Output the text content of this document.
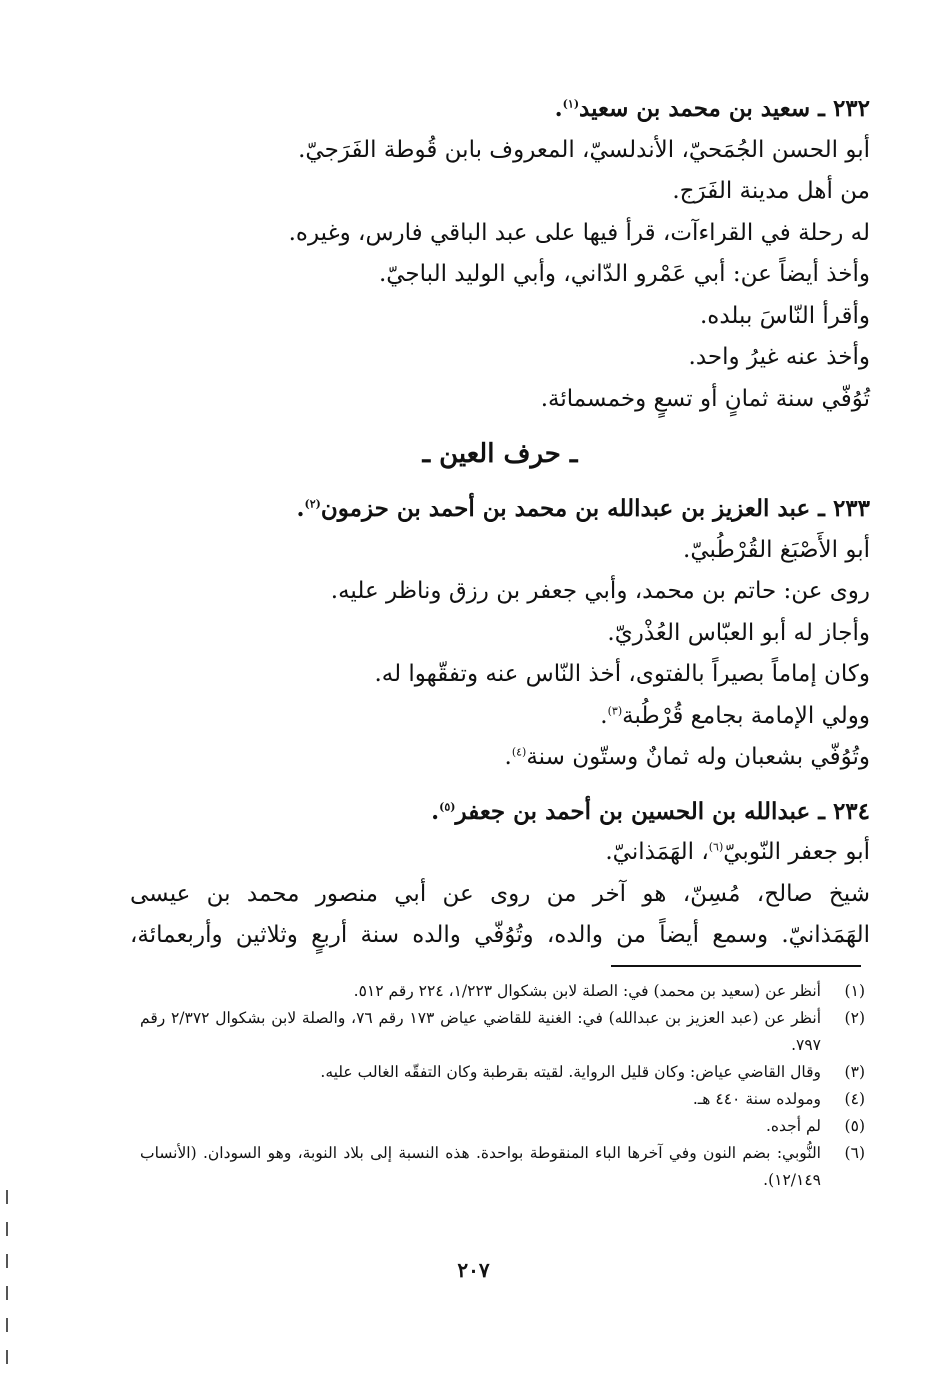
٢٣٢ ـ سعيد بن محمد بن سعيد$^{(١)}$.
أبو الحسن الجُمَحيّ، الأندلسيّ، المعروف بابن قُوطة الفَرَجيّ.
من أهل مدينة الفَرَج.
له رحلة في القراءآت، قرأ فيها على عبد الباقي فارس، وغيره.
وأخذ أيضاً عن: أبي عَمْرو الدّاني، وأبي الوليد الباجيّ.
وأقرأ النّاسَ ببلده.
وأخذ عنه غيرُ واحد.
تُوُفّي سنة ثمانٍ أو تسعٍ وخمسمائة.
ـ حرف العين ـ
٢٣٣ ـ عبد العزيز بن عبدالله بن محمد بن أحمد بن حزمون$^{(٢)}$.
أبو الأَصْبَغ القُرْطُبيّ.
روى عن: حاتم بن محمد، وأبي جعفر بن رزق وناظر عليه.
وأجاز له أبو العبّاس العُذْريّ.
وكان إماماً بصيراً بالفتوى، أخذ النّاس عنه وتفقّهوا له.
وولي الإمامة بجامع قُرْطُبة$^{(٣)}$.
وتُوُفّي بشعبان وله ثمانٌ وستّون سنة$^{(٤)}$.
٢٣٤ ـ عبدالله بن الحسين بن أحمد بن جعفر$^{(٥)}$.
أبو جعفر النّوبيّ$^{(٦)}$، الهَمَذانيّ.
شيخ صالح، مُسِنّ، هو آخر من روى عن أبي منصور محمد بن عيسى
الهَمَذانيّ. وسمع أيضاً من والده، وتُوُفّي والده سنة أربعٍ وثلاثين وأربعمائة،
(١)
أنظر عن (سعيد بن محمد) في: الصلة لابن بشكوال ١/٢٢٣، ٢٢٤ رقم ٥١٢.
(٢)
أنظر عن (عبد العزيز بن عبدالله) في: الغنية للقاضي عياض ١٧٣ رقم ٧٦، والصلة لابن بشكوال ٢/٣٧٢ رقم ٧٩٧.
(٣)
وقال القاضي عياض: وكان قليل الرواية. لقيته بقرطبة وكان التفقّه الغالب عليه.
(٤)
ومولده سنة ٤٤٠ هـ.
(٥)
لم أجده.
(٦)
النُّوبي: بضم النون وفي آخرها الباء المنقوطة بواحدة. هذه النسبة إلى بلاد النوبة، وهو السودان. (الأنساب ١٢/١٤٩).
٢٠٧
